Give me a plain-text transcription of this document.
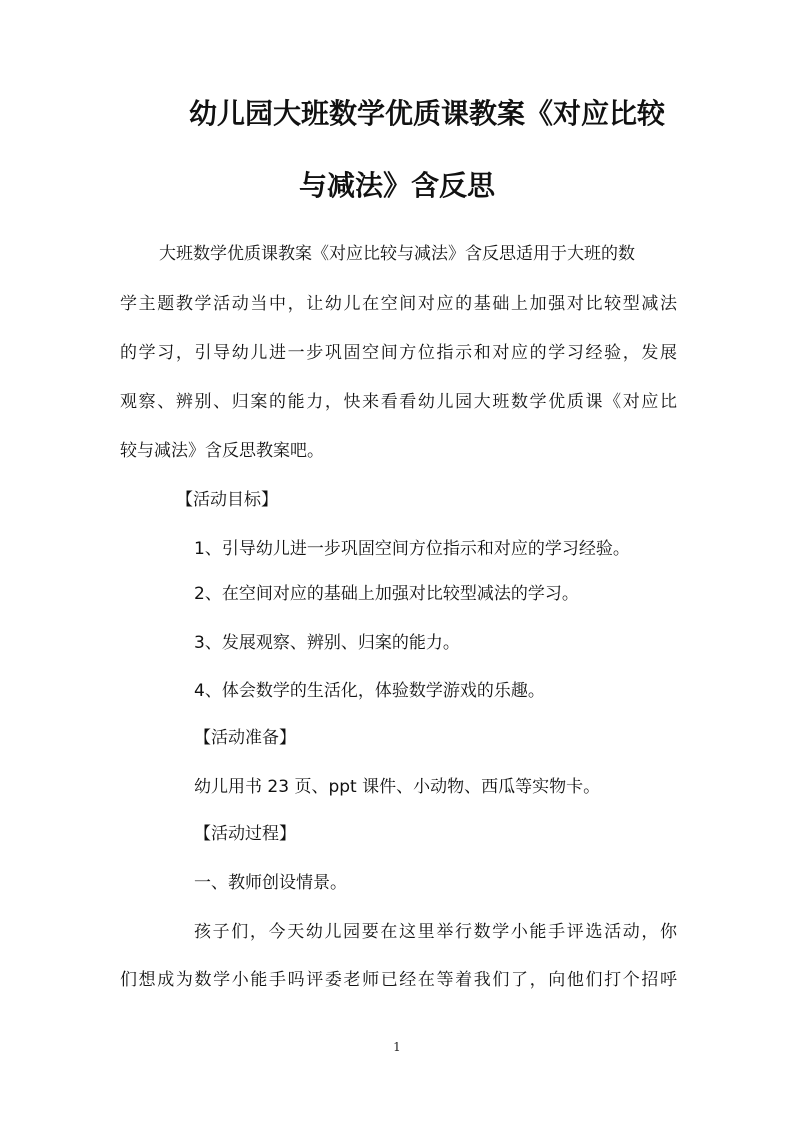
幼儿园大班数学优质课教案《对应比较
与减法》含反思

大班数学优质课教案《对应比较与减法》含反思适用于大班的数

学主题教学活动当中，让幼儿在空间对应的基础上加强对比较型减法

的学习，引导幼儿进一步巩固空间方位指示和对应的学习经验，发展

观察、辨别、归案的能力，快来看看幼儿园大班数学优质课《对应比

较与减法》含反思教案吧。

【活动目标】

1、引导幼儿进一步巩固空间方位指示和对应的学习经验。

2、在空间对应的基础上加强对比较型减法的学习。

3、发展观察、辨别、归案的能力。

4、体会数学的生活化，体验数学游戏的乐趣。

【活动准备】

幼儿用书 23 页、ppt 课件、小动物、西瓜等实物卡。

【活动过程】

一、教师创设情景。

孩子们，今天幼儿园要在这里举行数学小能手评选活动，你

们想成为数学小能手吗评委老师已经在等着我们了，向他们打个招呼

1
